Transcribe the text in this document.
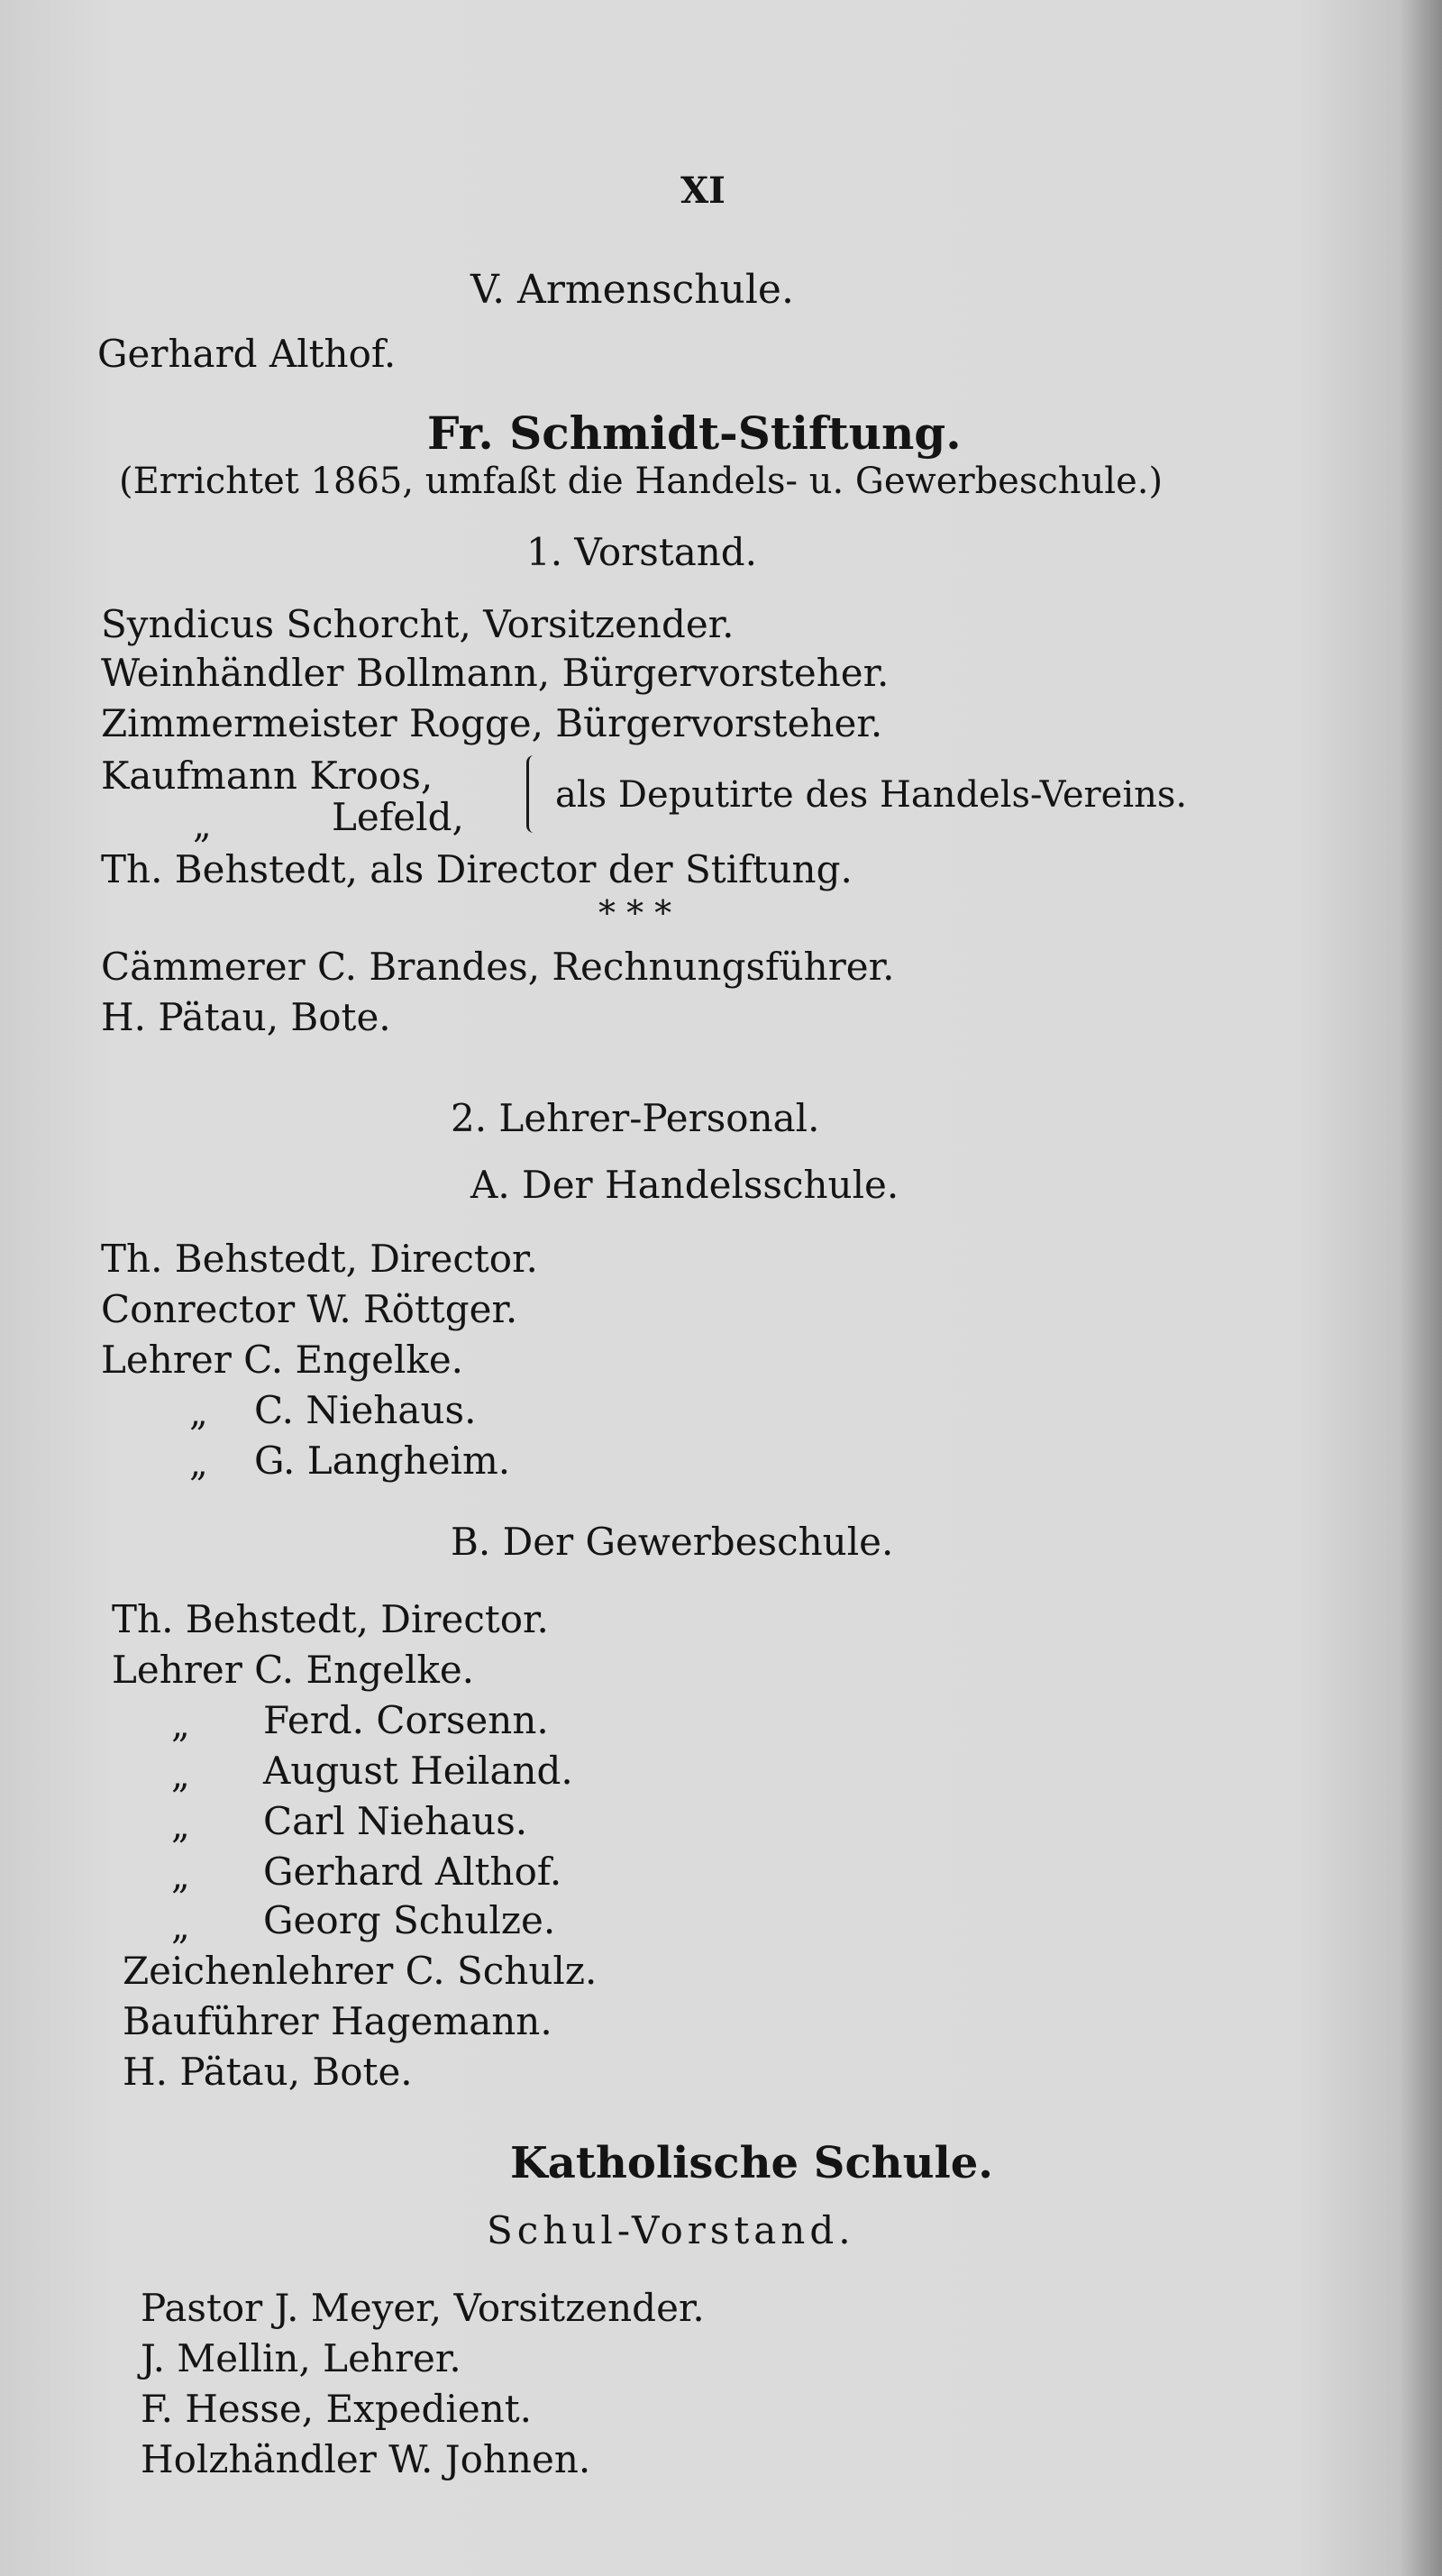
XI
V. Armenschule.
Gerhard Althof.
Fr. Schmidt-Stiftung.
(Errichtet 1865, umfaßt die Handels- u. Gewerbeschule.)
1. Vorstand.
Syndicus Schorcht, Vorsitzender.
Weinhändler Bollmann, Bürgervorsteher.
Zimmermeister Rogge, Bürgervorsteher.
Kaufmann Kroos,
„	Lefeld,	als Deputirte des Handels-Vereins.
Th. Behstedt, als Director der Stiftung.
* * *
Cämmerer C. Brandes, Rechnungsführer.
H. Pätau, Bote.
2. Lehrer-Personal.
A. Der Handelsschule.
Th. Behstedt, Director.
Conrector W. Röttger.
Lehrer C. Engelke.
„ C. Niehaus.
„ G. Langheim.
B. Der Gewerbeschule.
Th. Behstedt, Director.
Lehrer C. Engelke.
„ Ferd. Corsenn.
„ August Heiland.
„ Carl Niehaus.
„ Gerhard Althof.
„ Georg Schulze.
Zeichenlehrer C. Schulz.
Bauführer Hagemann.
H. Pätau, Bote.
Katholische Schule.
Schul-Vorstand.
Pastor J. Meyer, Vorsitzender.
J. Mellin, Lehrer.
F. Hesse, Expedient.
Holzhändler W. Johnen.
